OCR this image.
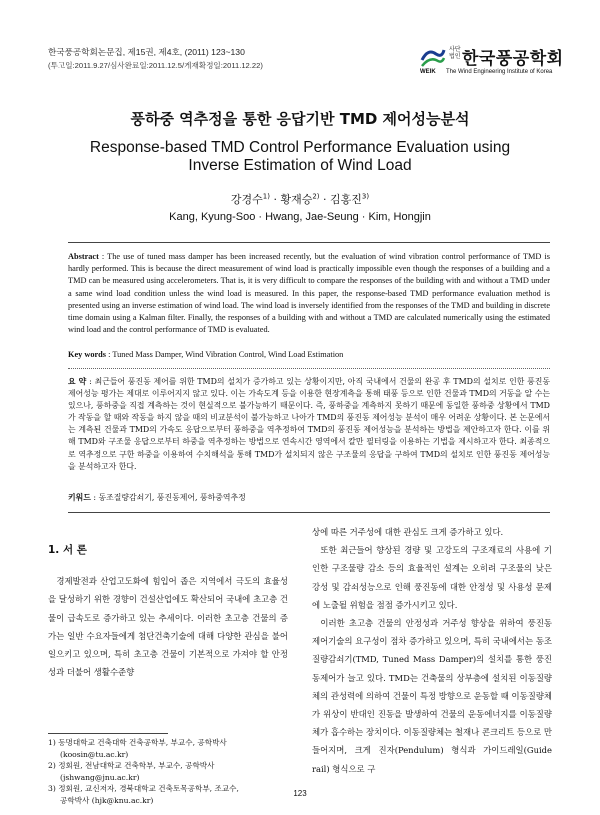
한국풍공학회논문집, 제15권, 제4호, (2011) 123~130
(투고일:2011.9.27/심사완료일:2011.12.5/게재확정일:2011.12.22)
사단
법인 한국풍공학회
WEIK The Wind Engineering Institute of Korea
풍하중 역추정을 통한 응답기반 TMD 제어성능분석
Response-based TMD Control Performance Evaluation using
Inverse Estimation of Wind Load
강경수$^{1)}$ · 황재승$^{2)}$ · 김홍진$^{3)}$
Kang, Kyung-Soo · Hwang, Jae-Seung · Kim, Hongjin
Abstract : The use of tuned mass damper has been increased recently, but the evaluation of wind vibration control performance of TMD is hardly performed. This is because the direct measurement of wind load is practically impossible even though the responses of a building and a TMD can be measured using accelerometers. That is, it is very difficult to compare the responses of the building with and without a TMD under a same wind load condition unless the wind load is measured. In this paper, the response-based TMD performance evaluation method is presented using an inverse estimation of wind load. The wind load is inversely identified from the responses of the TMD and building in discrete time domain using a Kalman filter. Finally, the responses of a building with and without a TMD are calculated numerically using the estimated wind load and the control performance of TMD is evaluated.
Key words : Tuned Mass Damper, Wind Vibration Control, Wind Load Estimation
요 약 : 최근들어 풍진동 제어를 위한 TMD의 설치가 증가하고 있는 상황이지만, 아직 국내에서 건물의 완공 후 TMD의 설치로 인한 풍진동 제어성능 평가는 제대로 이루어지지 않고 있다. 이는 가속도계 등을 이용한 현장계측을 통해 태풍 등으로 인한 건물과 TMD의 거동을 알 수는 있으나, 풍하중을 직접 계측하는 것이 현실적으로 불가능하기 때문이다. 즉, 풍하중을 계측하지 못하기 때문에 동일한 풍하중 상황에서 TMD가 작동을 할 때와 작동을 하지 않을 때의 비교분석이 불가능하고 나아가 TMD의 풍진동 제어성능 분석이 매우 어려운 상황이다. 본 논문에서는 계측된 건물과 TMD의 가속도 응답으로부터 풍하중을 역추정하여 TMD의 풍진동 제어성능을 분석하는 방법을 제안하고자 한다. 이를 위해 TMD와 구조물 응답으로부터 하중을 역추정하는 방법으로 연속시간 영역에서 칼만 필터링을 이용하는 기법을 제시하고자 한다. 최종적으로 역추정으로 구한 하중을 이용하여 수치해석을 통해 TMD가 설치되지 않은 구조물의 응답을 구하여 TMD의 설치로 인한 풍진동 제어성능을 분석하고자 한다.
키워드 : 동조질량감쇠기, 풍진동제어, 풍하중역추정
1. 서 론

경제발전과 산업고도화에 힘입어 좁은 지역에서 극도의 효율성을 달성하기 위한 경향이 건설산업에도 확산되어 국내에 초고층 건물이 급속도로 증가하고 있는 추세이다. 이러한 초고층 건물의 증가는 일반 수요자들에게 첨단건축기술에 대해 다양한 관심을 불어 일으키고 있으며, 특히 초고층 건물이 기본적으로 가져야 할 안정성과 더불어 생활수준향

상에 따른 거주성에 대한 관심도 크게 증가하고 있다.

또한 최근들어 향상된 경량 및 고강도의 구조재료의 사용에 기인한 구조물량 감소 등의 효율적인 설계는 오히려 구조물의 낮은 강성 및 감쇠성능으로 인해 풍진동에 대한 안정성 및 사용성 문제에 노출될 위험을 점점 증가시키고 있다.

이러한 초고층 건물의 안정성과 거주성 향상을 위하여 풍진동 제어기술의 요구성이 점차 증가하고 있으며, 특히 국내에서는 동조질량감쇠기(TMD, Tuned Mass Damper)의 설치를 통한 풍진동제어가 늘고 있다. TMD는 건축물의 상부층에 설치된 이동질량체의 관성력에 의하여 건물이 특정 방향으로 운동할 때 이동질량체가 위상이 반대인 진동을 발생하여 건물의 운동에너지를 이동질량체가 흡수하는 장치이다. 이동질량체는 철재나 콘크리트 등으로 만들어지며, 크게 진자(Pendulum) 형식과 가이드레일(Guide rail) 형식으로 구

1) 동명대학교 건축대학 건축공학부, 부교수, 공학박사
(koosin@tu.ac.kr)
2) 정회원, 전남대학교 건축학부, 부교수, 공학박사
(jshwang@jnu.ac.kr)
3) 정회원, 교신저자, 경북대학교 건축토목공학부, 조교수,
공학박사 (hjk@knu.ac.kr)
123
